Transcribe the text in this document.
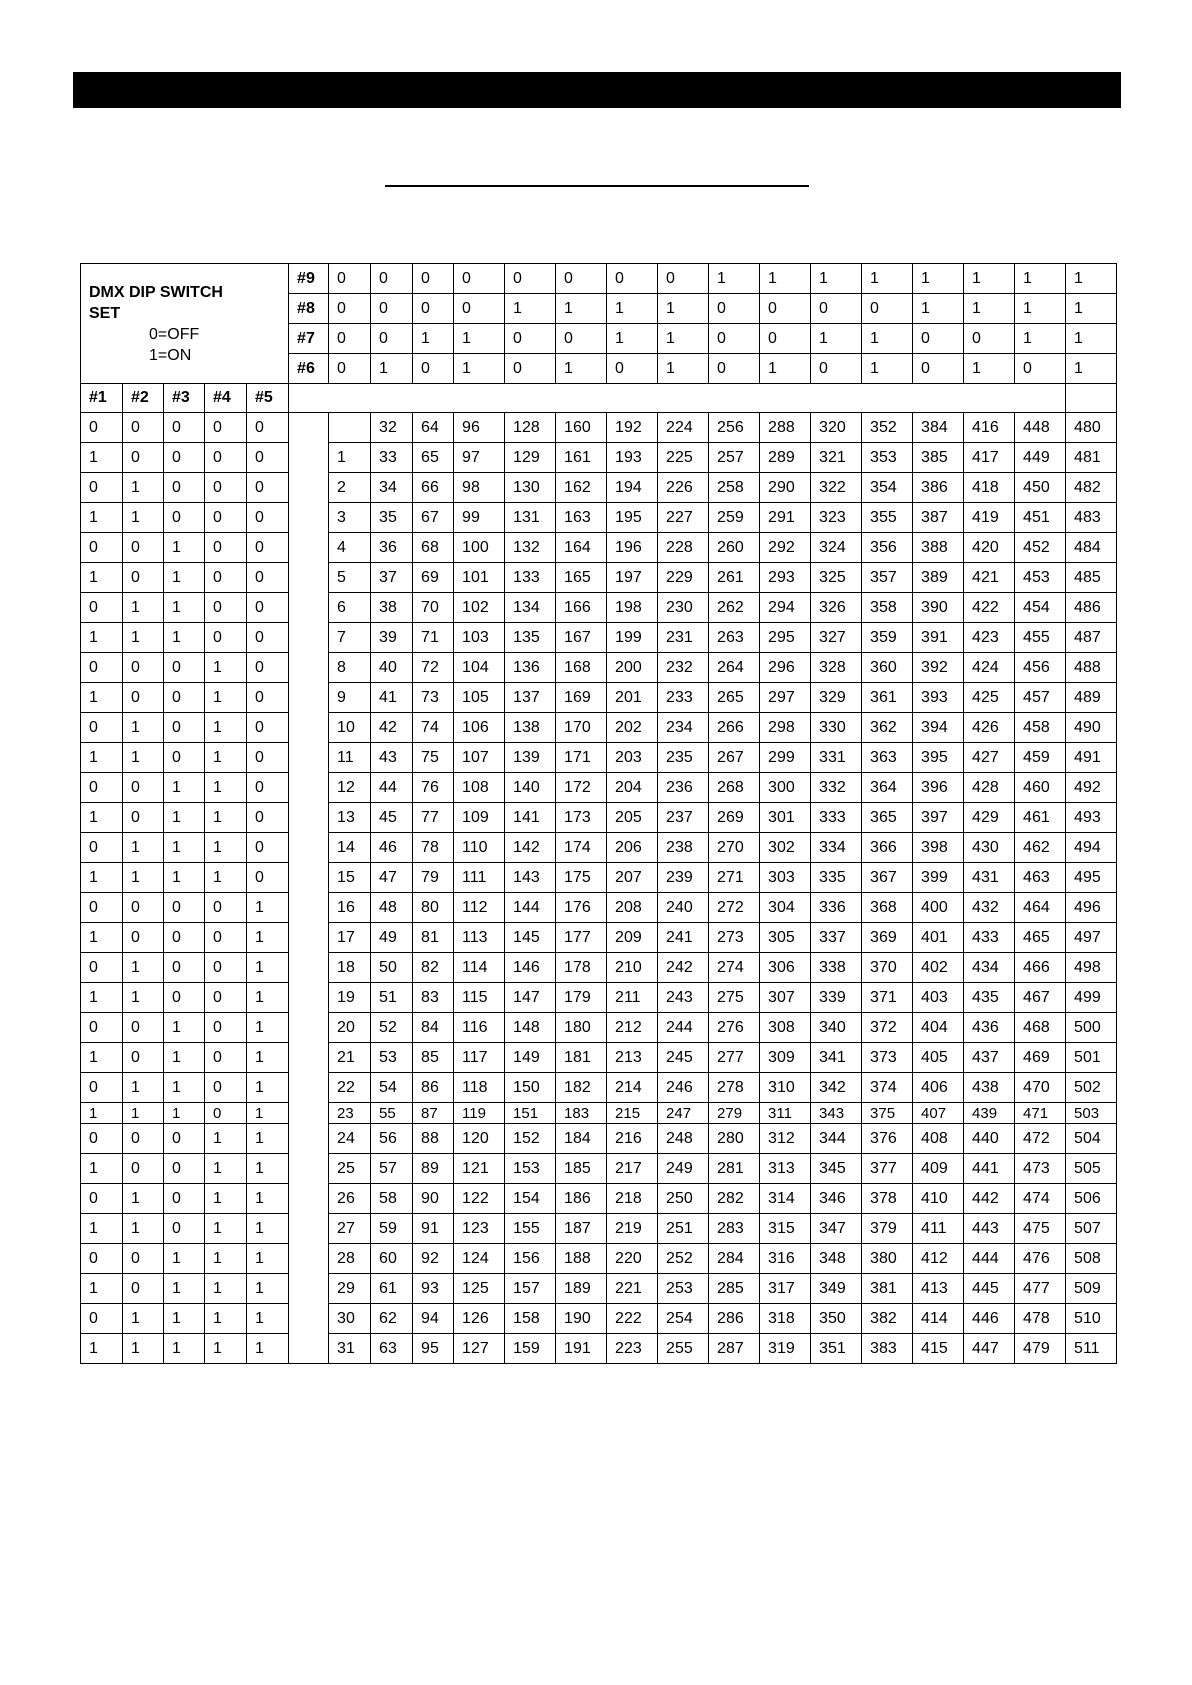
DMX DIP SWITCH
SET
0=OFF
1=ON					#9	0	0	0	0	0	0	0	0	1	1	1	1	1	1	1	1
					#8	0	0	0	0	1	1	1	1	0	0	0	0	1	1	1	1
					#7	0	0	1	1	0	0	1	1	0	0	1	1	0	0	1	1
					#6	0	1	0	1	0	1	0	1	0	1	0	1	0	1	0	1
#1	#2	#3	#4	#5																	
0	0	0	0	0			32	64	96	128	160	192	224	256	288	320	352	384	416	448	480
1	0	0	0	0		1	33	65	97	129	161	193	225	257	289	321	353	385	417	449	481
0	1	0	0	0		2	34	66	98	130	162	194	226	258	290	322	354	386	418	450	482
1	1	0	0	0		3	35	67	99	131	163	195	227	259	291	323	355	387	419	451	483
0	0	1	0	0		4	36	68	100	132	164	196	228	260	292	324	356	388	420	452	484
1	0	1	0	0		5	37	69	101	133	165	197	229	261	293	325	357	389	421	453	485
0	1	1	0	0		6	38	70	102	134	166	198	230	262	294	326	358	390	422	454	486
1	1	1	0	0		7	39	71	103	135	167	199	231	263	295	327	359	391	423	455	487
0	0	0	1	0		8	40	72	104	136	168	200	232	264	296	328	360	392	424	456	488
1	0	0	1	0		9	41	73	105	137	169	201	233	265	297	329	361	393	425	457	489
0	1	0	1	0		10	42	74	106	138	170	202	234	266	298	330	362	394	426	458	490
1	1	0	1	0		11	43	75	107	139	171	203	235	267	299	331	363	395	427	459	491
0	0	1	1	0		12	44	76	108	140	172	204	236	268	300	332	364	396	428	460	492
1	0	1	1	0		13	45	77	109	141	173	205	237	269	301	333	365	397	429	461	493
0	1	1	1	0		14	46	78	110	142	174	206	238	270	302	334	366	398	430	462	494
1	1	1	1	0		15	47	79	111	143	175	207	239	271	303	335	367	399	431	463	495
0	0	0	0	1		16	48	80	112	144	176	208	240	272	304	336	368	400	432	464	496
1	0	0	0	1		17	49	81	113	145	177	209	241	273	305	337	369	401	433	465	497
0	1	0	0	1		18	50	82	114	146	178	210	242	274	306	338	370	402	434	466	498
1	1	0	0	1		19	51	83	115	147	179	211	243	275	307	339	371	403	435	467	499
0	0	1	0	1		20	52	84	116	148	180	212	244	276	308	340	372	404	436	468	500
1	0	1	0	1		21	53	85	117	149	181	213	245	277	309	341	373	405	437	469	501
0	1	1	0	1		22	54	86	118	150	182	214	246	278	310	342	374	406	438	470	502
1	1	1	0	1		23	55	87	119	151	183	215	247	279	311	343	375	407	439	471	503
0	0	0	1	1		24	56	88	120	152	184	216	248	280	312	344	376	408	440	472	504
1	0	0	1	1		25	57	89	121	153	185	217	249	281	313	345	377	409	441	473	505
0	1	0	1	1		26	58	90	122	154	186	218	250	282	314	346	378	410	442	474	506
1	1	0	1	1		27	59	91	123	155	187	219	251	283	315	347	379	411	443	475	507
0	0	1	1	1		28	60	92	124	156	188	220	252	284	316	348	380	412	444	476	508
1	0	1	1	1		29	61	93	125	157	189	221	253	285	317	349	381	413	445	477	509
0	1	1	1	1		30	62	94	126	158	190	222	254	286	318	350	382	414	446	478	510
1	1	1	1	1		31	63	95	127	159	191	223	255	287	319	351	383	415	447	479	511
